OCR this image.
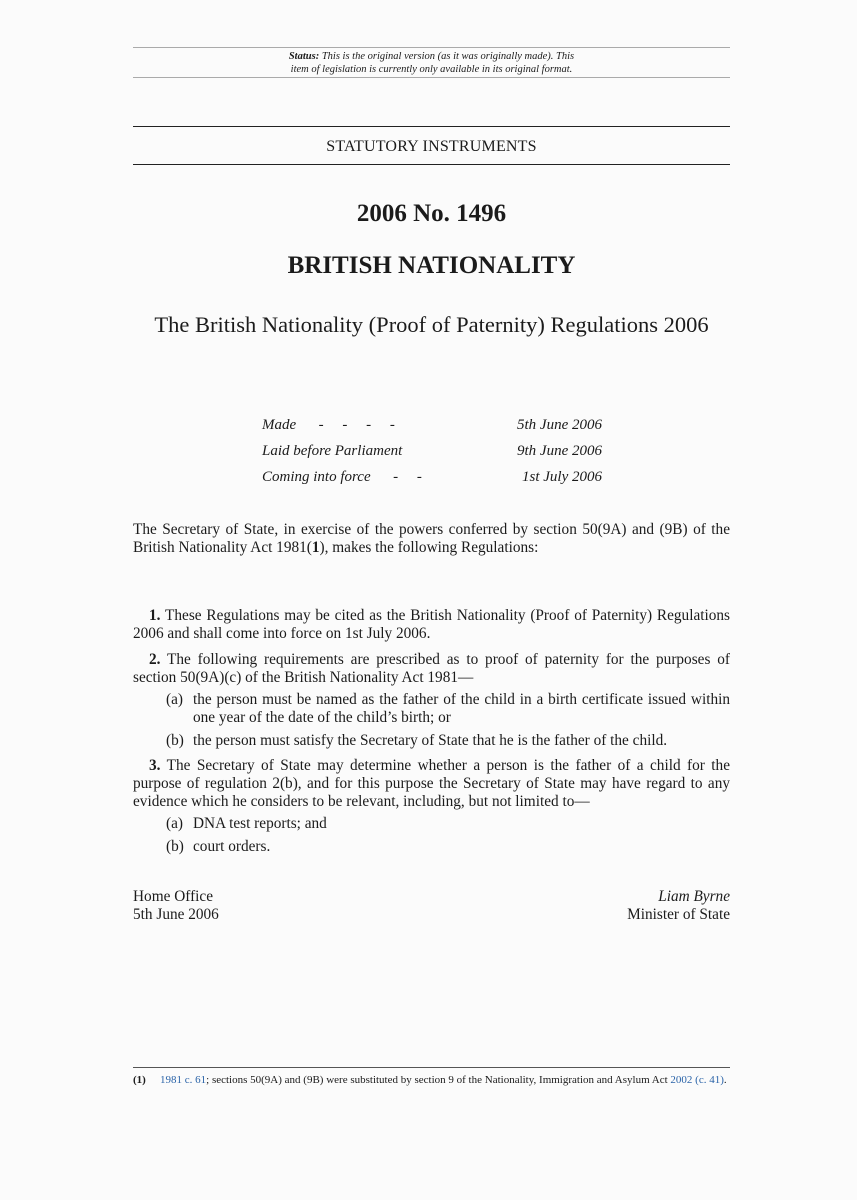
Status: This is the original version (as it was originally made). This
item of legislation is currently only available in its original format.
STATUTORY INSTRUMENTS
2006 No. 1496
BRITISH NATIONALITY
The British Nationality (Proof of Paternity) Regulations 2006
Made      -     -     -     -	5th June 2006
Laid before Parliament	9th June 2006
Coming into force      -     -	1st July 2006
The Secretary of State, in exercise of the powers conferred by section 50(9A) and (9B) of the British Nationality Act 1981(1), makes the following Regulations:
1. These Regulations may be cited as the British Nationality (Proof of Paternity) Regulations 2006 and shall come into force on 1st July 2006.
2. The following requirements are prescribed as to proof of paternity for the purposes of section 50(9A)(c) of the British Nationality Act 1981—
(a) the person must be named as the father of the child in a birth certificate issued within one year of the date of the child’s birth; or
(b) the person must satisfy the Secretary of State that he is the father of the child.
3. The Secretary of State may determine whether a person is the father of a child for the purpose of regulation 2(b), and for this purpose the Secretary of State may have regard to any evidence which he considers to be relevant, including, but not limited to—
(a) DNA test reports; and
(b) court orders.
Home Office
5th June 2006
Liam Byrne
Minister of State
(1) 1981 c. 61; sections 50(9A) and (9B) were substituted by section 9 of the Nationality, Immigration and Asylum Act 2002 (c. 41).
